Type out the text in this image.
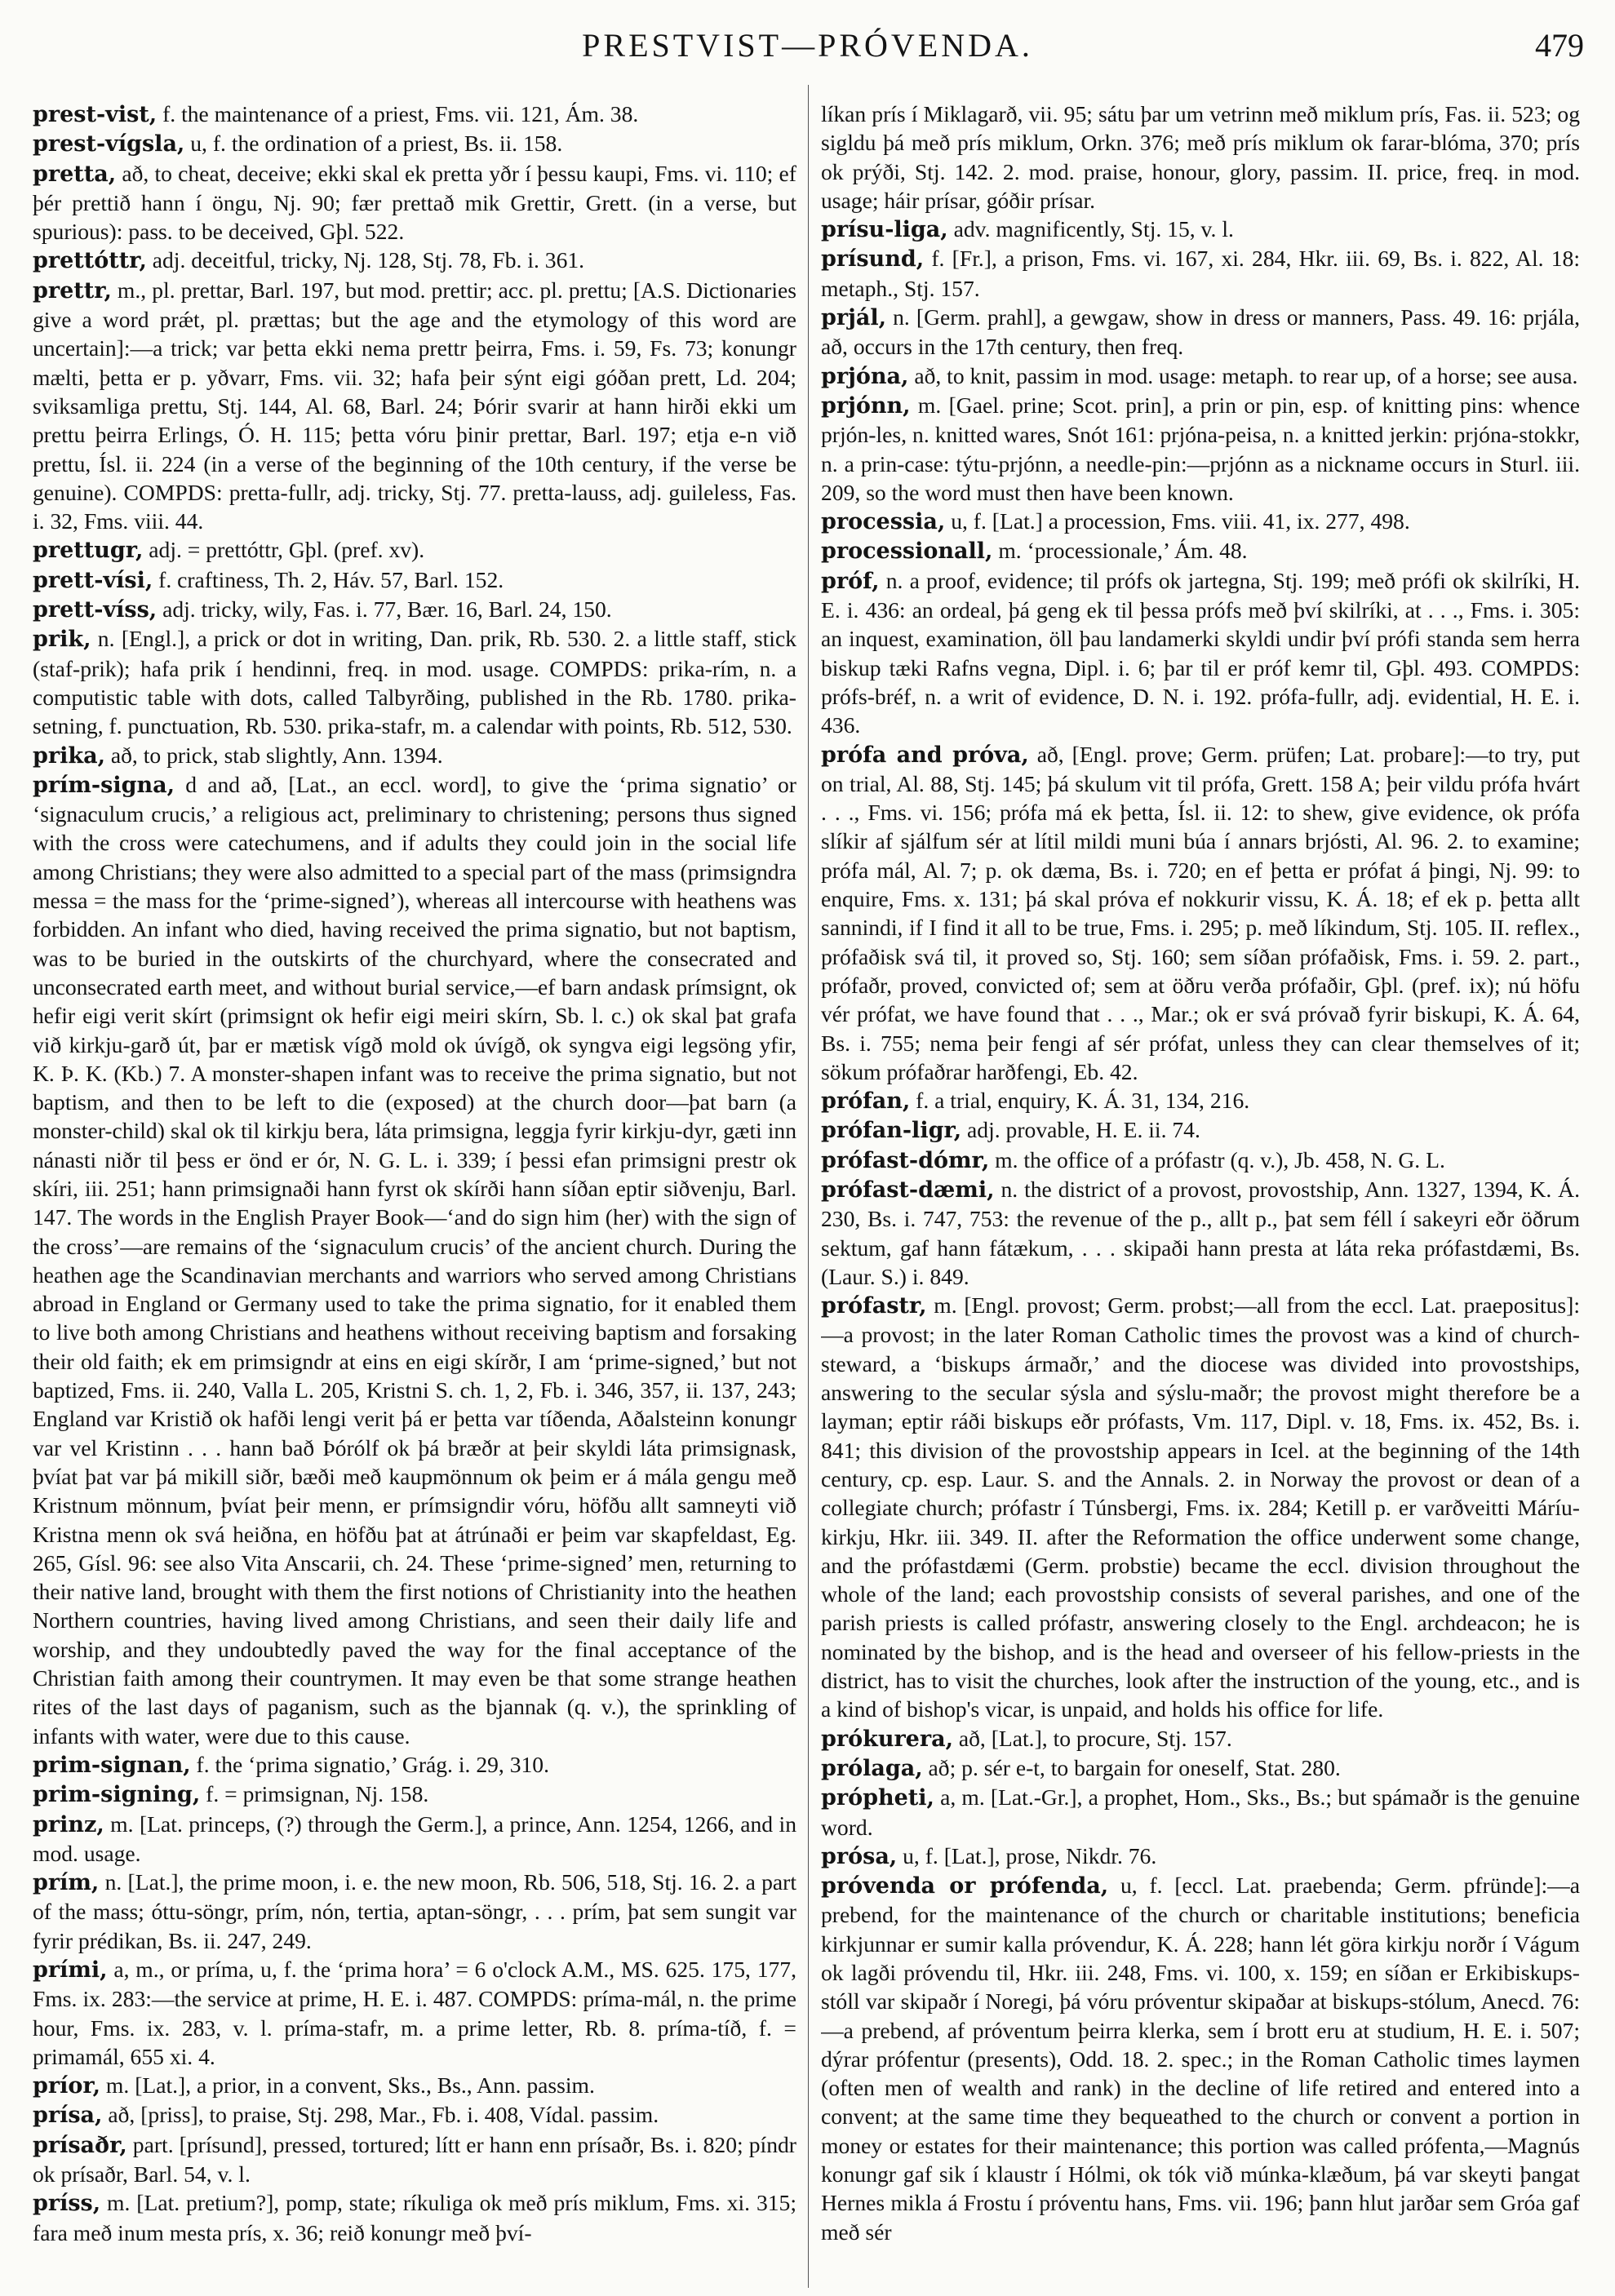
PRESTVIST—PRÓVENDA.	479

prest-vist, f. the maintenance of a priest, Fms. vii. 121, Ám. 38.

prest-vígsla, u, f. the ordination of a priest, Bs. ii. 158.

pretta, að, to cheat, deceive; ekki skal ek pretta yðr í þessu kaupi, Fms. vi. 110; ef þér prettið hann í öngu, Nj. 90; fær prettað mik Grettir, Grett. (in a verse, but spurious): pass. to be deceived, Gþl. 522.

prettóttr, adj. deceitful, tricky, Nj. 128, Stj. 78, Fb. i. 361.

prettr, m., pl. prettar, Barl. 197, but mod. prettir; acc. pl. prettu; [A.S. Dictionaries give a word prǽt, pl. prættas; but the age and the etymology of this word are uncertain]:—a trick; var þetta ekki nema prettr þeirra, Fms. i. 59, Fs. 73; konungr mælti, þetta er p. yðvarr, Fms. vii. 32; hafa þeir sýnt eigi góðan prett, Ld. 204; sviksamliga prettu, Stj. 144, Al. 68, Barl. 24; Þórir svarir at hann hirði ekki um prettu þeirra Erlings, Ó. H. 115; þetta vóru þinir prettar, Barl. 197; etja e-n við prettu, Ísl. ii. 224 (in a verse of the beginning of the 10th century, if the verse be genuine). COMPDS: pretta-fullr, adj. tricky, Stj. 77. pretta-lauss, adj. guileless, Fas. i. 32, Fms. viii. 44.

prettugr, adj. = prettóttr, Gþl. (pref. xv).

prett-vísi, f. craftiness, Th. 2, Háv. 57, Barl. 152.

prett-víss, adj. tricky, wily, Fas. i. 77, Bær. 16, Barl. 24, 150.

prik, n. [Engl.], a prick or dot in writing, Dan. prik, Rb. 530. 2. a little staff, stick (staf-prik); hafa prik í hendinni, freq. in mod. usage. COMPDS: prika-rím, n. a computistic table with dots, called Talbyrðing, published in the Rb. 1780. prika-setning, f. punctuation, Rb. 530. prika-stafr, m. a calendar with points, Rb. 512, 530.

prika, að, to prick, stab slightly, Ann. 1394.

prím-signa, d and að, [Lat., an eccl. word], to give the ‘prima signatio’ or ‘signaculum crucis,’ a religious act, preliminary to christening; persons thus signed with the cross were catechumens, and if adults they could join in the social life among Christians; they were also admitted to a special part of the mass (primsigndra messa = the mass for the ‘prime-signed’), whereas all intercourse with heathens was forbidden. An infant who died, having received the prima signatio, but not baptism, was to be buried in the outskirts of the churchyard, where the consecrated and unconsecrated earth meet, and without burial service,—ef barn andask prímsignt, ok hefir eigi verit skírt (primsignt ok hefir eigi meiri skírn, Sb. l. c.) ok skal þat grafa við kirkju-garð út, þar er mætisk vígð mold ok úvígð, ok syngva eigi legsöng yfir, K. Þ. K. (Kb.) 7. A monster-shapen infant was to receive the prima signatio, but not baptism, and then to be left to die (exposed) at the church door—þat barn (a monster-child) skal ok til kirkju bera, láta primsigna, leggja fyrir kirkju-dyr, gæti inn nánasti niðr til þess er önd er ór, N. G. L. i. 339; í þessi efan primsigni prestr ok skíri, iii. 251; hann primsignaði hann fyrst ok skírði hann síðan eptir siðvenju, Barl. 147. The words in the English Prayer Book—‘and do sign him (her) with the sign of the cross’—are remains of the ‘signaculum crucis’ of the ancient church. During the heathen age the Scandinavian merchants and warriors who served among Christians abroad in England or Germany used to take the prima signatio, for it enabled them to live both among Christians and heathens without receiving baptism and forsaking their old faith; ek em primsigndr at eins en eigi skírðr, I am ‘prime-signed,’ but not baptized, Fms. ii. 240, Valla L. 205, Kristni S. ch. 1, 2, Fb. i. 346, 357, ii. 137, 243; England var Kristið ok hafði lengi verit þá er þetta var tíðenda, Aðalsteinn konungr var vel Kristinn . . . hann bað Þórólf ok þá bræðr at þeir skyldi láta primsignask, þvíat þat var þá mikill siðr, bæði með kaupmönnum ok þeim er á mála gengu með Kristnum mönnum, þvíat þeir menn, er prímsigndir vóru, höfðu allt samneyti við Kristna menn ok svá heiðna, en höfðu þat at átrúnaði er þeim var skapfeldast, Eg. 265, Gísl. 96: see also Vita Anscarii, ch. 24. These ‘prime-signed’ men, returning to their native land, brought with them the first notions of Christianity into the heathen Northern countries, having lived among Christians, and seen their daily life and worship, and they undoubtedly paved the way for the final acceptance of the Christian faith among their countrymen. It may even be that some strange heathen rites of the last days of paganism, such as the bjannak (q. v.), the sprinkling of infants with water, were due to this cause.

prim-signan, f. the ‘prima signatio,’ Grág. i. 29, 310.

prim-signing, f. = primsignan, Nj. 158.

prinz, m. [Lat. princeps, (?) through the Germ.], a prince, Ann. 1254, 1266, and in mod. usage.

prím, n. [Lat.], the prime moon, i. e. the new moon, Rb. 506, 518, Stj. 16. 2. a part of the mass; óttu-söngr, prím, nón, tertia, aptan-söngr, . . . prím, þat sem sungit var fyrir prédikan, Bs. ii. 247, 249.

prími, a, m., or príma, u, f. the ‘prima hora’ = 6 o'clock A.M., MS. 625. 175, 177, Fms. ix. 283:—the service at prime, H. E. i. 487. COMPDS: príma-mál, n. the prime hour, Fms. ix. 283, v. l. príma-stafr, m. a prime letter, Rb. 8. príma-tíð, f. = primamál, 655 xi. 4.

príor, m. [Lat.], a prior, in a convent, Sks., Bs., Ann. passim.

prísa, að, [priss], to praise, Stj. 298, Mar., Fb. i. 408, Vídal. passim.

prísaðr, part. [prísund], pressed, tortured; lítt er hann enn prísaðr, Bs. i. 820; píndr ok prísaðr, Barl. 54, v. l.

príss, m. [Lat. pretium?], pomp, state; ríkuliga ok með prís miklum, Fms. xi. 315; fara með inum mesta prís, x. 36; reið konungr með því-

líkan prís í Miklagarð, vii. 95; sátu þar um vetrinn með miklum prís, Fas. ii. 523; og sigldu þá með prís miklum, Orkn. 376; með prís miklum ok farar-blóma, 370; prís ok prýði, Stj. 142. 2. mod. praise, honour, glory, passim. II. price, freq. in mod. usage; háir prísar, góðir prísar.

prísu-liga, adv. magnificently, Stj. 15, v. l.

prísund, f. [Fr.], a prison, Fms. vi. 167, xi. 284, Hkr. iii. 69, Bs. i. 822, Al. 18: metaph., Stj. 157.

prjál, n. [Germ. prahl], a gewgaw, show in dress or manners, Pass. 49. 16: prjála, að, occurs in the 17th century, then freq.

prjóna, að, to knit, passim in mod. usage: metaph. to rear up, of a horse; see ausa.

prjónn, m. [Gael. prine; Scot. prin], a prin or pin, esp. of knitting pins: whence prjón-les, n. knitted wares, Snót 161: prjóna-peisa, n. a knitted jerkin: prjóna-stokkr, n. a prin-case: týtu-prjónn, a needle-pin:—prjónn as a nickname occurs in Sturl. iii. 209, so the word must then have been known.

processia, u, f. [Lat.] a procession, Fms. viii. 41, ix. 277, 498.

processionall, m. ‘processionale,’ Ám. 48.

próf, n. a proof, evidence; til prófs ok jartegna, Stj. 199; með prófi ok skilríki, H. E. i. 436: an ordeal, þá geng ek til þessa prófs með því skilríki, at . . ., Fms. i. 305: an inquest, examination, öll þau landamerki skyldi undir því prófi standa sem herra biskup tæki Rafns vegna, Dipl. i. 6; þar til er próf kemr til, Gþl. 493. COMPDS: prófs-bréf, n. a writ of evidence, D. N. i. 192. prófa-fullr, adj. evidential, H. E. i. 436.

prófa and próva, að, [Engl. prove; Germ. prüfen; Lat. probare]:—to try, put on trial, Al. 88, Stj. 145; þá skulum vit til prófa, Grett. 158 A; þeir vildu prófa hvárt . . ., Fms. vi. 156; prófa má ek þetta, Ísl. ii. 12: to shew, give evidence, ok prófa slíkir af sjálfum sér at lítil mildi muni búa í annars brjósti, Al. 96. 2. to examine; prófa mál, Al. 7; p. ok dæma, Bs. i. 720; en ef þetta er prófat á þingi, Nj. 99: to enquire, Fms. x. 131; þá skal próva ef nokkurir vissu, K. Á. 18; ef ek p. þetta allt sannindi, if I find it all to be true, Fms. i. 295; p. með líkindum, Stj. 105. II. reflex., prófaðisk svá til, it proved so, Stj. 160; sem síðan prófaðisk, Fms. i. 59. 2. part., prófaðr, proved, convicted of; sem at öðru verða prófaðir, Gþl. (pref. ix); nú höfu vér prófat, we have found that . . ., Mar.; ok er svá próvað fyrir biskupi, K. Á. 64, Bs. i. 755; nema þeir fengi af sér prófat, unless they can clear themselves of it; sökum prófaðrar harðfengi, Eb. 42.

prófan, f. a trial, enquiry, K. Á. 31, 134, 216.

prófan-ligr, adj. provable, H. E. ii. 74.

prófast-dómr, m. the office of a prófastr (q. v.), Jb. 458, N. G. L.

prófast-dæmi, n. the district of a provost, provostship, Ann. 1327, 1394, K. Á. 230, Bs. i. 747, 753: the revenue of the p., allt p., þat sem féll í sakeyri eðr öðrum sektum, gaf hann fátækum, . . . skipaði hann presta at láta reka prófastdæmi, Bs. (Laur. S.) i. 849.

prófastr, m. [Engl. provost; Germ. probst;—all from the eccl. Lat. praepositus]:—a provost; in the later Roman Catholic times the provost was a kind of church-steward, a ‘biskups ármaðr,’ and the diocese was divided into provostships, answering to the secular sýsla and sýslu-maðr; the provost might therefore be a layman; eptir ráði biskups eðr prófasts, Vm. 117, Dipl. v. 18, Fms. ix. 452, Bs. i. 841; this division of the provostship appears in Icel. at the beginning of the 14th century, cp. esp. Laur. S. and the Annals. 2. in Norway the provost or dean of a collegiate church; prófastr í Túnsbergi, Fms. ix. 284; Ketill p. er varðveitti Máríu-kirkju, Hkr. iii. 349. II. after the Reformation the office underwent some change, and the prófastdæmi (Germ. probstie) became the eccl. division throughout the whole of the land; each provostship consists of several parishes, and one of the parish priests is called prófastr, answering closely to the Engl. archdeacon; he is nominated by the bishop, and is the head and overseer of his fellow-priests in the district, has to visit the churches, look after the instruction of the young, etc., and is a kind of bishop's vicar, is unpaid, and holds his office for life.

prókurera, að, [Lat.], to procure, Stj. 157.

prólaga, að; p. sér e-t, to bargain for oneself, Stat. 280.

própheti, a, m. [Lat.-Gr.], a prophet, Hom., Sks., Bs.; but spámaðr is the genuine word.

prósa, u, f. [Lat.], prose, Nikdr. 76.

próvenda or prófenda, u, f. [eccl. Lat. praebenda; Germ. pfründe]:—a prebend, for the maintenance of the church or charitable institutions; beneficia kirkjunnar er sumir kalla próvendur, K. Á. 228; hann lét göra kirkju norðr í Vágum ok lagði próvendu til, Hkr. iii. 248, Fms. vi. 100, x. 159; en síðan er Erkibiskups-stóll var skipaðr í Noregi, þá vóru próventur skipaðar at biskups-stólum, Anecd. 76:—a prebend, af próventum þeirra klerka, sem í brott eru at studium, H. E. i. 507; dýrar prófentur (presents), Odd. 18. 2. spec.; in the Roman Catholic times laymen (often men of wealth and rank) in the decline of life retired and entered into a convent; at the same time they bequeathed to the church or convent a portion in money or estates for their maintenance; this portion was called prófenta,—Magnús konungr gaf sik í klaustr í Hólmi, ok tók við múnka-klæðum, þá var skeyti þangat Hernes mikla á Frostu í próventu hans, Fms. vii. 196; þann hlut jarðar sem Gróa gaf með sér
